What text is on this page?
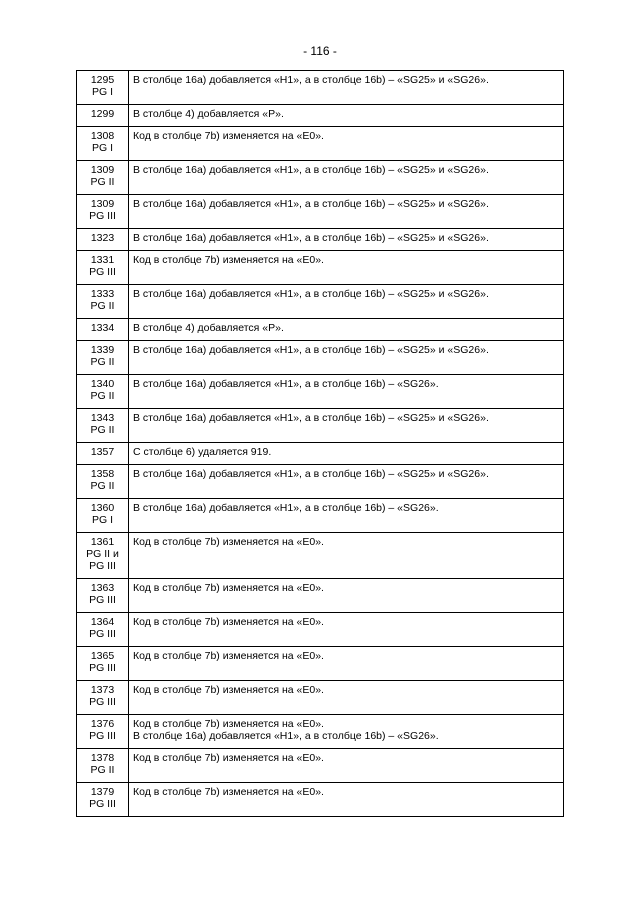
- 116 -
1295
PG I	В столбце 16а) добавляется «H1», а в столбце 16b) – «SG25» и «SG26».

1299	В столбце 4) добавляется «P».

1308
PG I	Код в столбце 7b) изменяется на «E0».

1309
PG II	В столбце 16а) добавляется «H1», а в столбце 16b) – «SG25» и «SG26».

1309
PG III	В столбце 16а) добавляется «H1», а в столбце 16b) – «SG25» и «SG26».

1323	В столбце 16а) добавляется «H1», а в столбце 16b) – «SG25» и «SG26».

1331
PG III	Код в столбце 7b) изменяется на «E0».

1333
PG II	В столбце 16а) добавляется «H1», а в столбце 16b) – «SG25» и «SG26».

1334	В столбце 4) добавляется «P».

1339
PG II	В столбце 16а) добавляется «H1», а в столбце 16b) – «SG25» и «SG26».

1340
PG II	В столбце 16а) добавляется «H1», а в столбце 16b) – «SG26».

1343
PG II	В столбце 16а) добавляется «H1», а в столбце 16b) – «SG25» и «SG26».

1357	С столбце 6) удаляется 919.

1358
PG II	В столбце 16а) добавляется «H1», а в столбце 16b) – «SG25» и «SG26».

1360
PG I	В столбце 16а) добавляется «H1», а в столбце 16b) – «SG26».

1361
PG II и
PG III	Код в столбце 7b) изменяется на «E0».

1363
PG III	Код в столбце 7b) изменяется на «E0».

1364
PG III	Код в столбце 7b) изменяется на «E0».

1365
PG III	Код в столбце 7b) изменяется на «E0».

1373
PG III	Код в столбце 7b) изменяется на «E0».

1376
PG III	Код в столбце 7b) изменяется на «E0».
В столбце 16а) добавляется «H1», а в столбце 16b) – «SG26».

1378
PG II	Код в столбце 7b) изменяется на «E0».

1379
PG III	Код в столбце 7b) изменяется на «E0».
